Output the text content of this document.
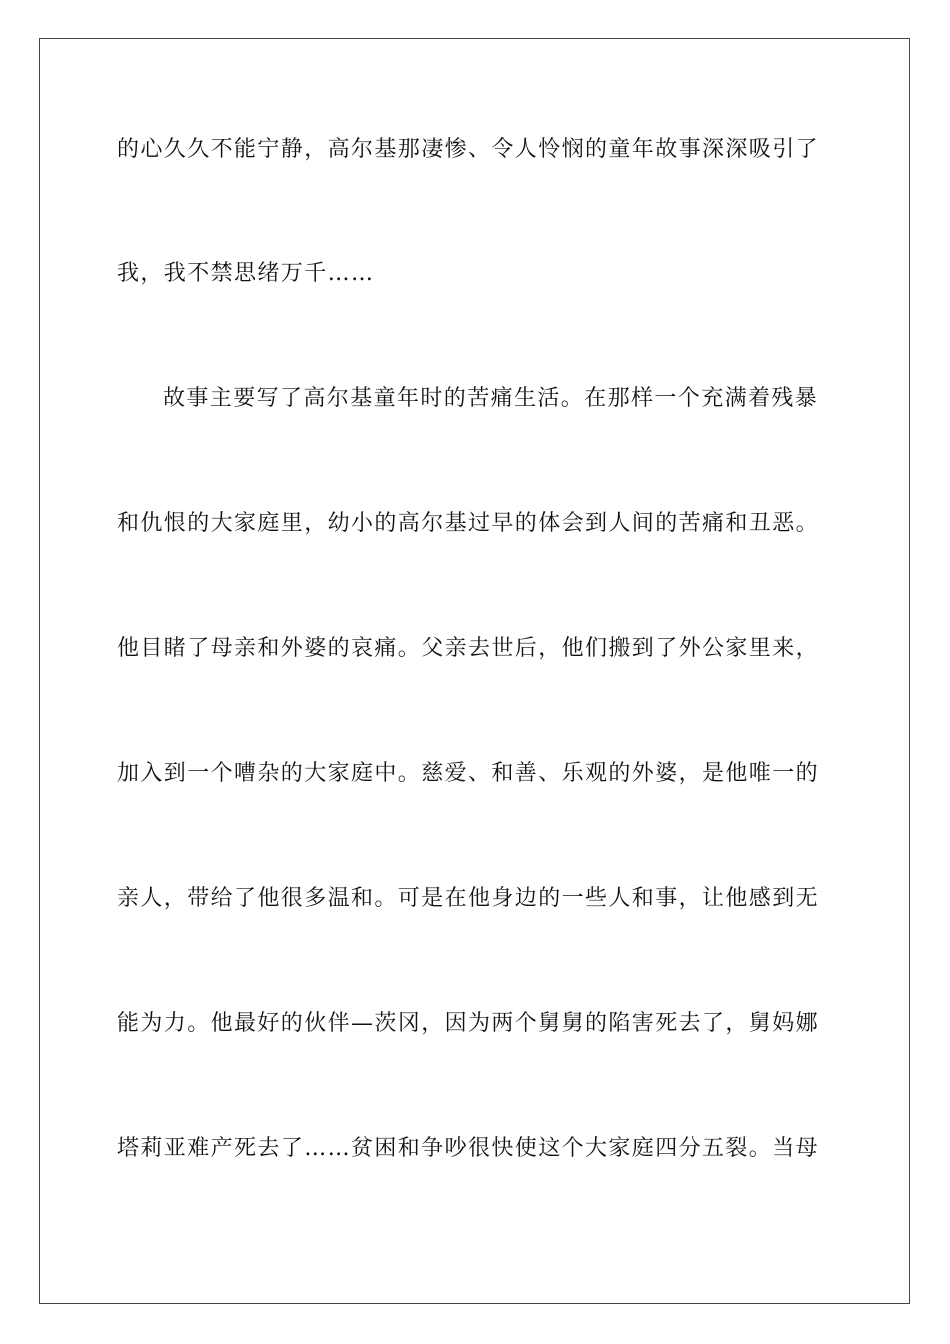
的心久久不能宁静，高尔基那凄惨、令人怜悯的童年故事深深吸引了
我，我不禁思绪万千……
故事主要写了高尔基童年时的苦痛生活。在那样一个充满着残暴
和仇恨的大家庭里，幼小的高尔基过早的体会到人间的苦痛和丑恶。
他目睹了母亲和外婆的哀痛。父亲去世后，他们搬到了外公家里来，
加入到一个嘈杂的大家庭中。慈爱、和善、乐观的外婆，是他唯一的
亲人，带给了他很多温和。可是在他身边的一些人和事，让他感到无
能为力。他最好的伙伴—茨冈，因为两个舅舅的陷害死去了，舅妈娜
塔莉亚难产死去了……贫困和争吵很快使这个大家庭四分五裂。当母
